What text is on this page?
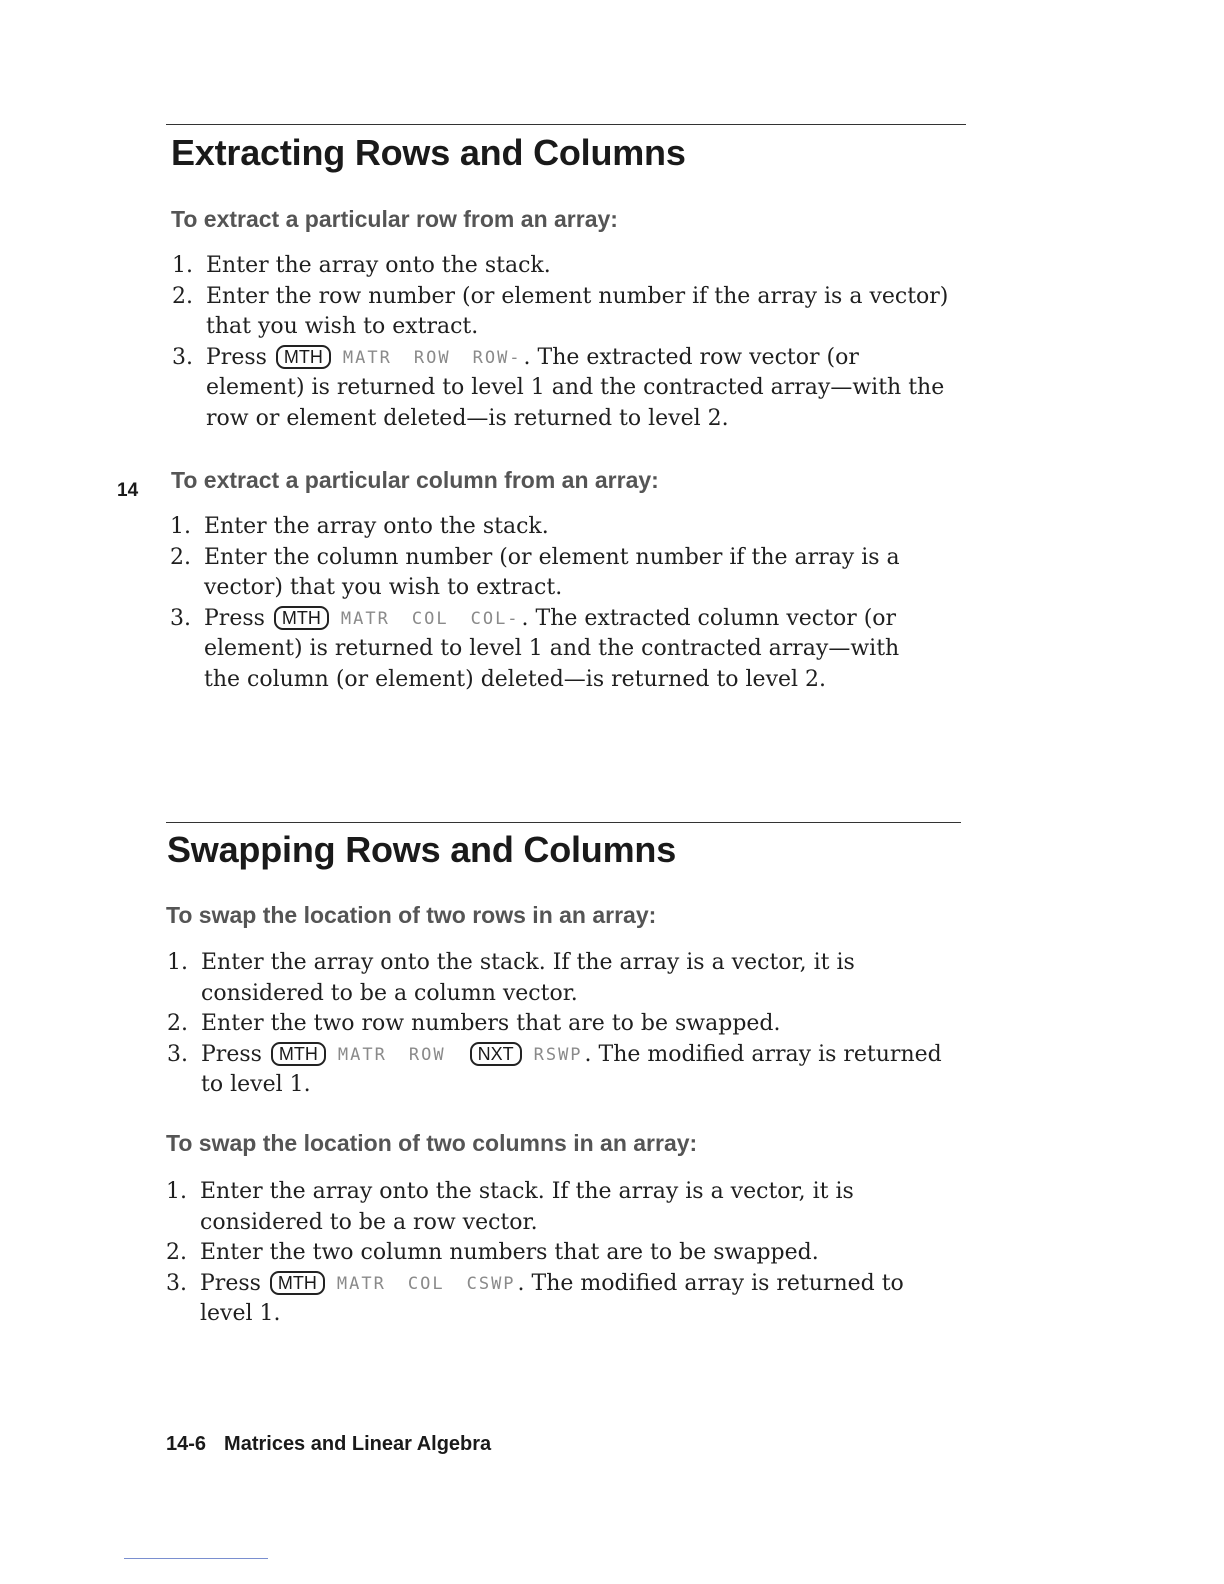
Extracting Rows and Columns
To extract a particular row from an array:
1. Enter the array onto the stack.
2. Enter the row number (or element number if the array is a vector) that you wish to extract.
3. Press MTH MATR ROW ROW-. The extracted row vector (or element) is returned to level 1 and the contracted array—with the row or element deleted—is returned to level 2.

14 To extract a particular column from an array:
1. Enter the array onto the stack.
2. Enter the column number (or element number if the array is a vector) that you wish to extract.
3. Press MTH MATR COL COL-. The extracted column vector (or element) is returned to level 1 and the contracted array—with the column (or element) deleted—is returned to level 2.
Swapping Rows and Columns
To swap the location of two rows in an array:
1. Enter the array onto the stack. If the array is a vector, it is considered to be a column vector.
2. Enter the two row numbers that are to be swapped.
3. Press MTH MATR ROW NXT RSWP. The modified array is returned to level 1.
To swap the location of two columns in an array:
1. Enter the array onto the stack. If the array is a vector, it is considered to be a row vector.
2. Enter the two column numbers that are to be swapped.
3. Press MTH MATR COL CSWP. The modified array is returned to level 1.

14-6 Matrices and Linear Algebra
